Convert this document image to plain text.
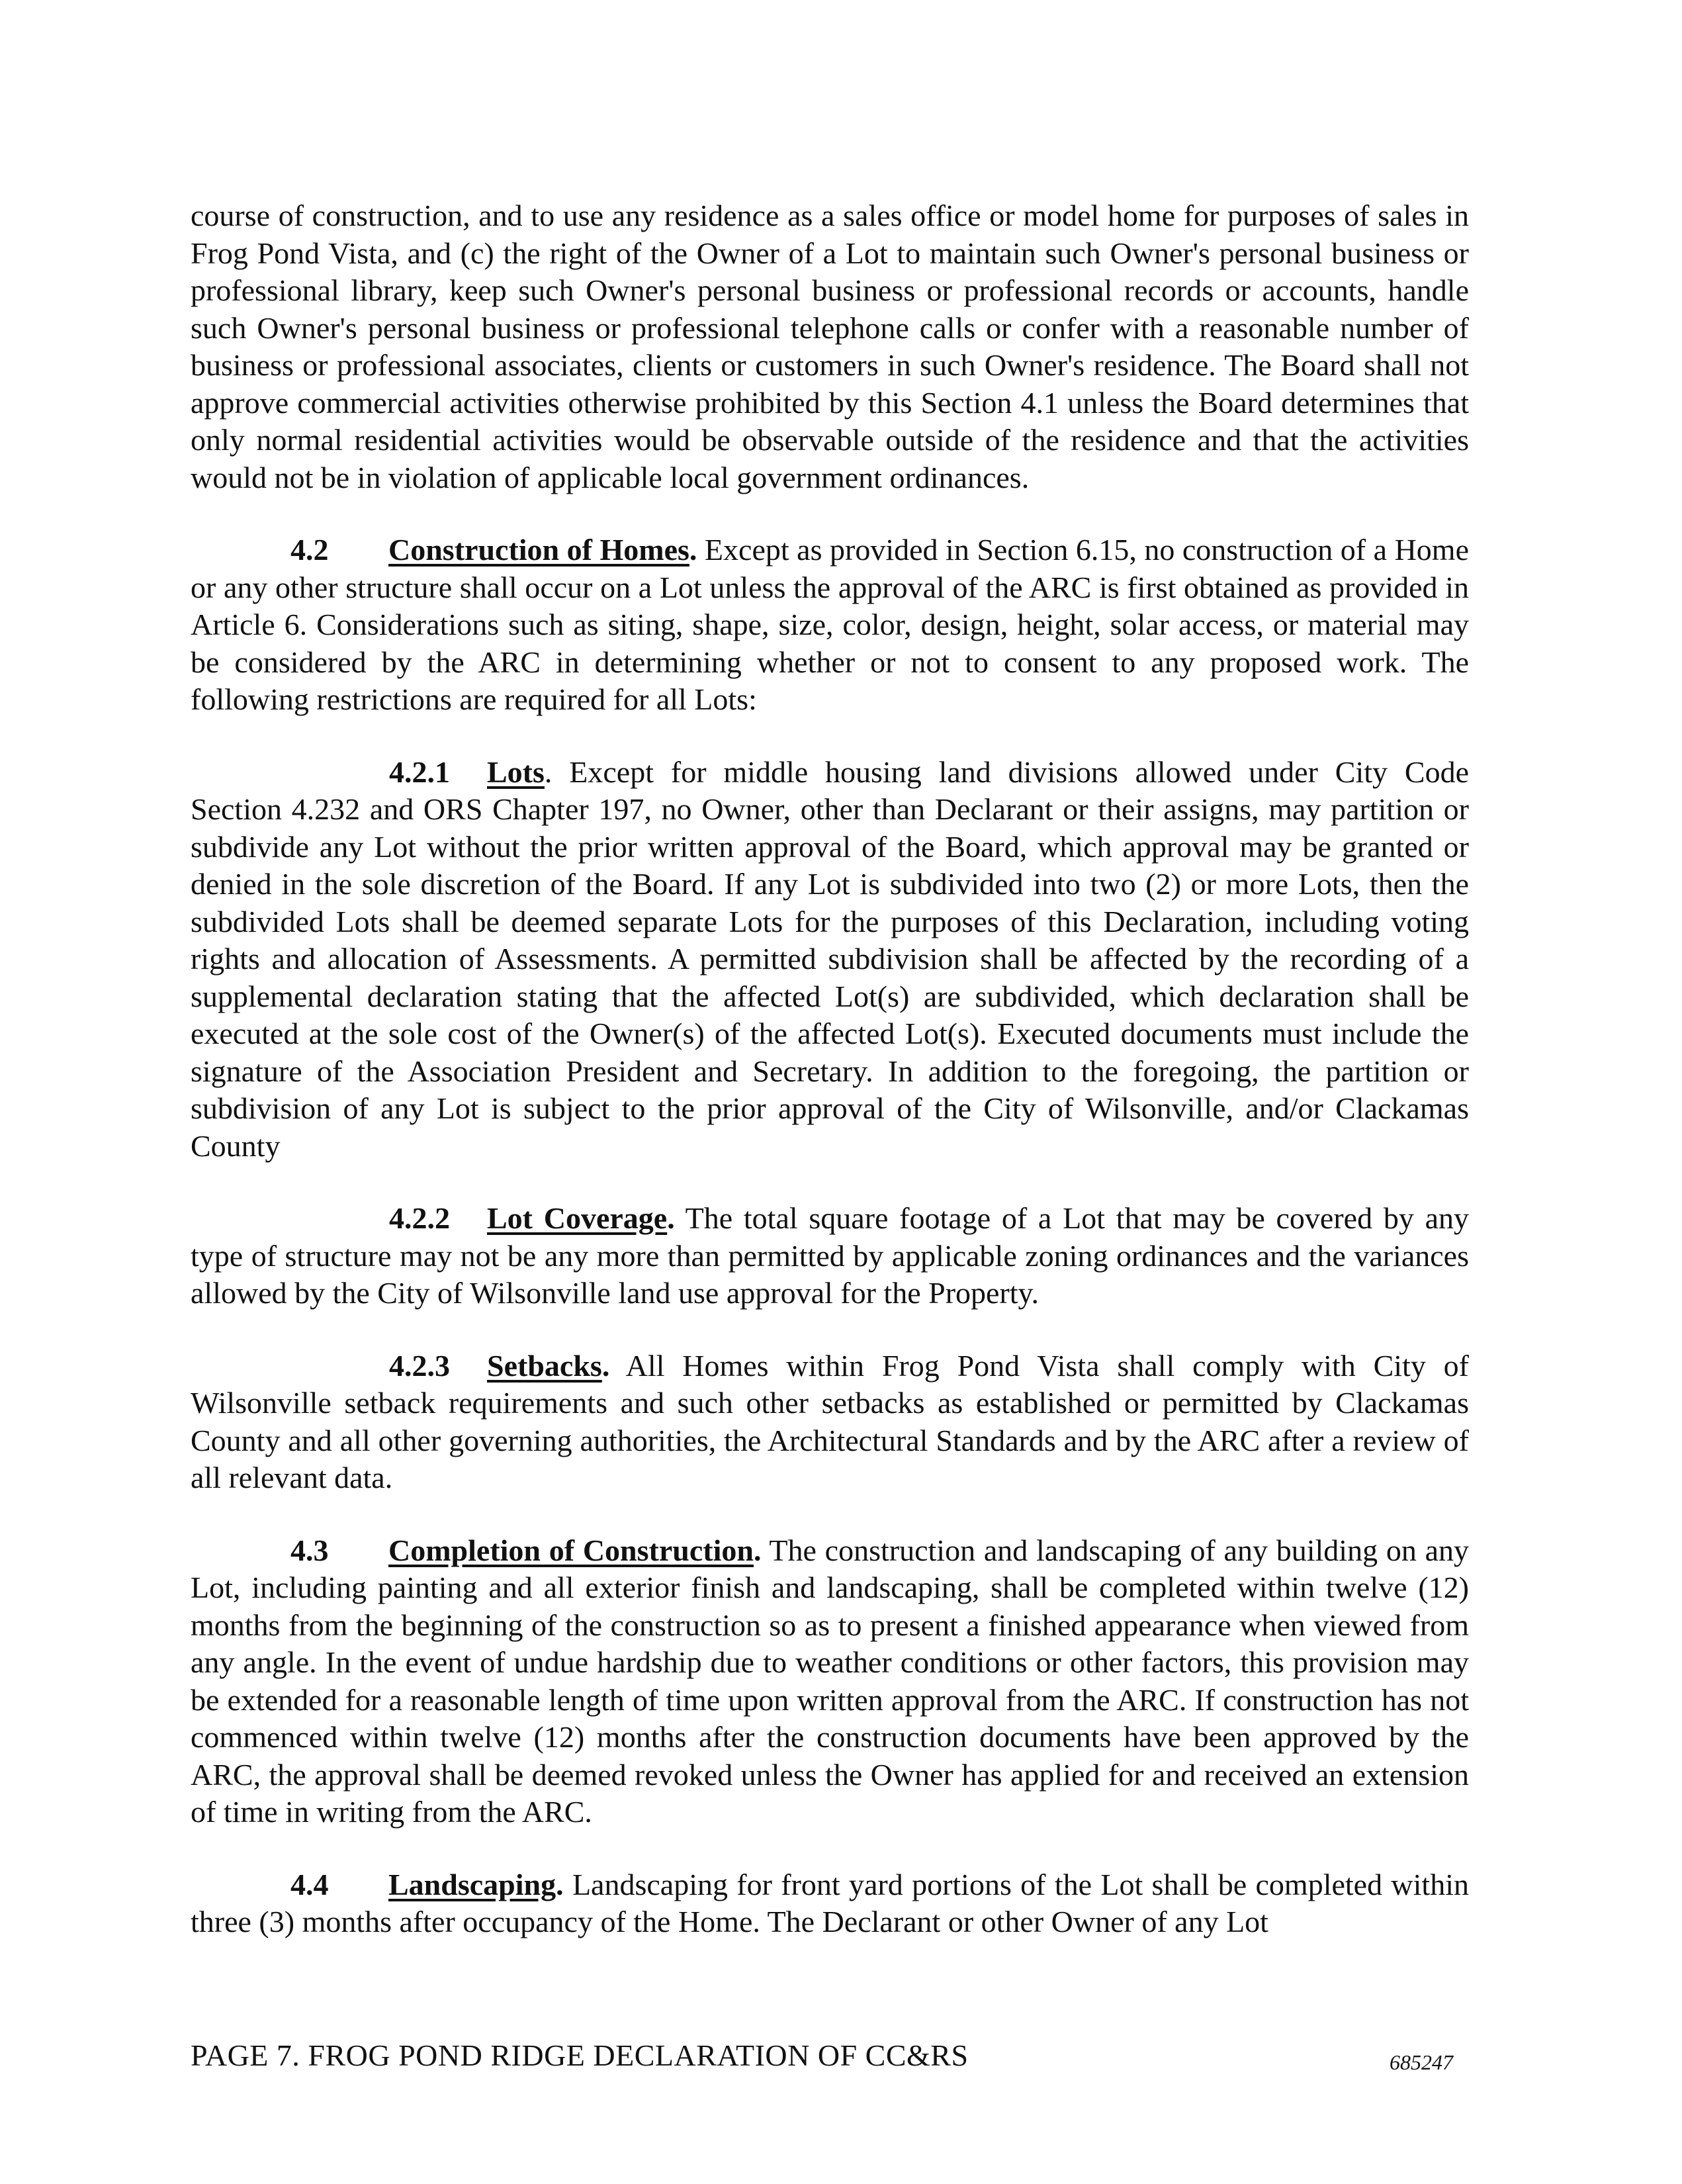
course of construction, and to use any residence as a sales office or model home for purposes of sales in Frog Pond Vista, and (c) the right of the Owner of a Lot to maintain such Owner's personal business or professional library, keep such Owner's personal business or professional records or accounts, handle such Owner's personal business or professional telephone calls or confer with a reasonable number of business or professional associates, clients or customers in such Owner's residence. The Board shall not approve commercial activities otherwise prohibited by this Section 4.1 unless the Board determines that only normal residential activities would be observable outside of the residence and that the activities would not be in violation of applicable local government ordinances.

4.2 Construction of Homes. Except as provided in Section 6.15, no construction of a Home or any other structure shall occur on a Lot unless the approval of the ARC is first obtained as provided in Article 6. Considerations such as siting, shape, size, color, design, height, solar access, or material may be considered by the ARC in determining whether or not to consent to any proposed work. The following restrictions are required for all Lots:

4.2.1 Lots. Except for middle housing land divisions allowed under City Code Section 4.232 and ORS Chapter 197, no Owner, other than Declarant or their assigns, may partition or subdivide any Lot without the prior written approval of the Board, which approval may be granted or denied in the sole discretion of the Board. If any Lot is subdivided into two (2) or more Lots, then the subdivided Lots shall be deemed separate Lots for the purposes of this Declaration, including voting rights and allocation of Assessments. A permitted subdivision shall be affected by the recording of a supplemental declaration stating that the affected Lot(s) are subdivided, which declaration shall be executed at the sole cost of the Owner(s) of the affected Lot(s). Executed documents must include the signature of the Association President and Secretary. In addition to the foregoing, the partition or subdivision of any Lot is subject to the prior approval of the City of Wilsonville, and/or Clackamas County

4.2.2 Lot Coverage. The total square footage of a Lot that may be covered by any type of structure may not be any more than permitted by applicable zoning ordinances and the variances allowed by the City of Wilsonville land use approval for the Property.

4.2.3 Setbacks. All Homes within Frog Pond Vista shall comply with City of Wilsonville setback requirements and such other setbacks as established or permitted by Clackamas County and all other governing authorities, the Architectural Standards and by the ARC after a review of all relevant data.

4.3 Completion of Construction. The construction and landscaping of any building on any Lot, including painting and all exterior finish and landscaping, shall be completed within twelve (12) months from the beginning of the construction so as to present a finished appearance when viewed from any angle. In the event of undue hardship due to weather conditions or other factors, this provision may be extended for a reasonable length of time upon written approval from the ARC. If construction has not commenced within twelve (12) months after the construction documents have been approved by the ARC, the approval shall be deemed revoked unless the Owner has applied for and received an extension of time in writing from the ARC.

4.4 Landscaping. Landscaping for front yard portions of the Lot shall be completed within three (3) months after occupancy of the Home. The Declarant or other Owner of any Lot

PAGE 7. FROG POND RIDGE DECLARATION OF CC&RS	685247
